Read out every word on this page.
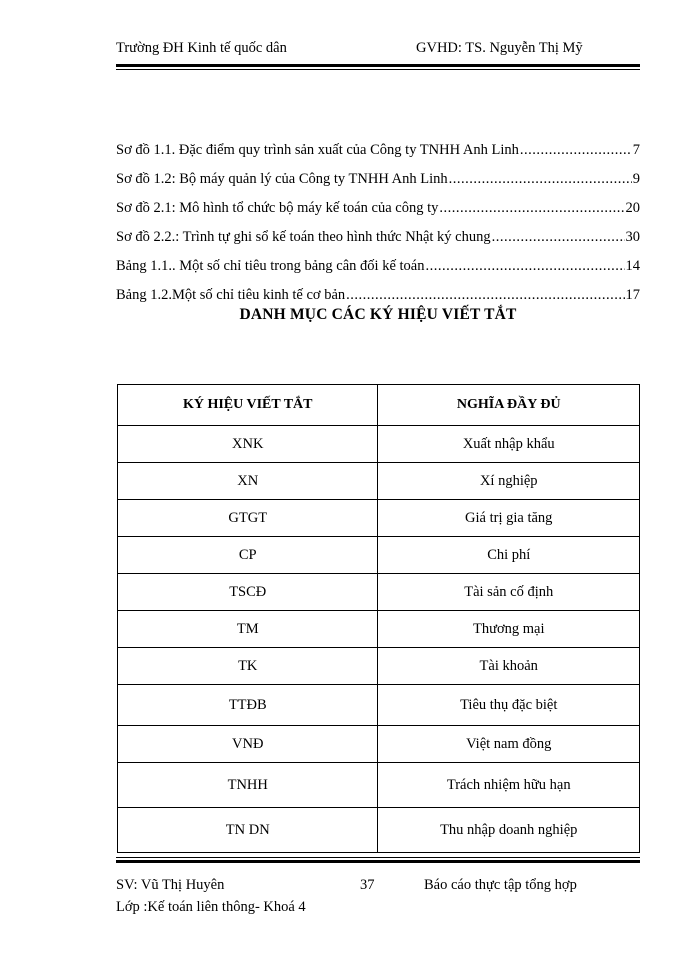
Trường ĐH Kinh tế quốc dân	GVHD: TS. Nguyễn Thị Mỹ
Sơ đồ 1.1. Đặc điểm quy trình sản xuất của Công ty TNHH Anh Linh .....	7
Sơ đồ 1.2: Bộ máy quản lý của Công ty TNHH Anh Linh .....	9
Sơ đồ 2.1: Mô hình tổ chức bộ máy kế toán của công ty .....	20
Sơ đồ 2.2.: Trình tự ghi sổ kế toán theo hình thức Nhật ký chung .....	30
Bảng 1.1.. Một số chỉ tiêu trong bảng cân đối kế toán .....	14
Bảng 1.2.Một số chỉ tiêu kinh tế cơ bản .....	17
DANH MỤC CÁC KÝ HIỆU VIẾT TẮT
KÝ HIỆU VIẾT TẮT	NGHĨA ĐẦY ĐỦ
XNK	Xuất nhập khẩu
XN	Xí nghiệp
GTGT	Giá trị gia tăng
CP	Chi phí
TSCĐ	Tài sản cố định
TM	Thương mại
TK	Tài khoản
TTĐB	Tiêu thụ đặc biệt
VNĐ	Việt nam đồng
TNHH	Trách nhiệm hữu hạn
TN DN	Thu nhập doanh nghiệp
SV: Vũ Thị Huyên	37	Báo cáo thực tập tổng hợp
Lớp :Kế toán liên thông- Khoá 4
